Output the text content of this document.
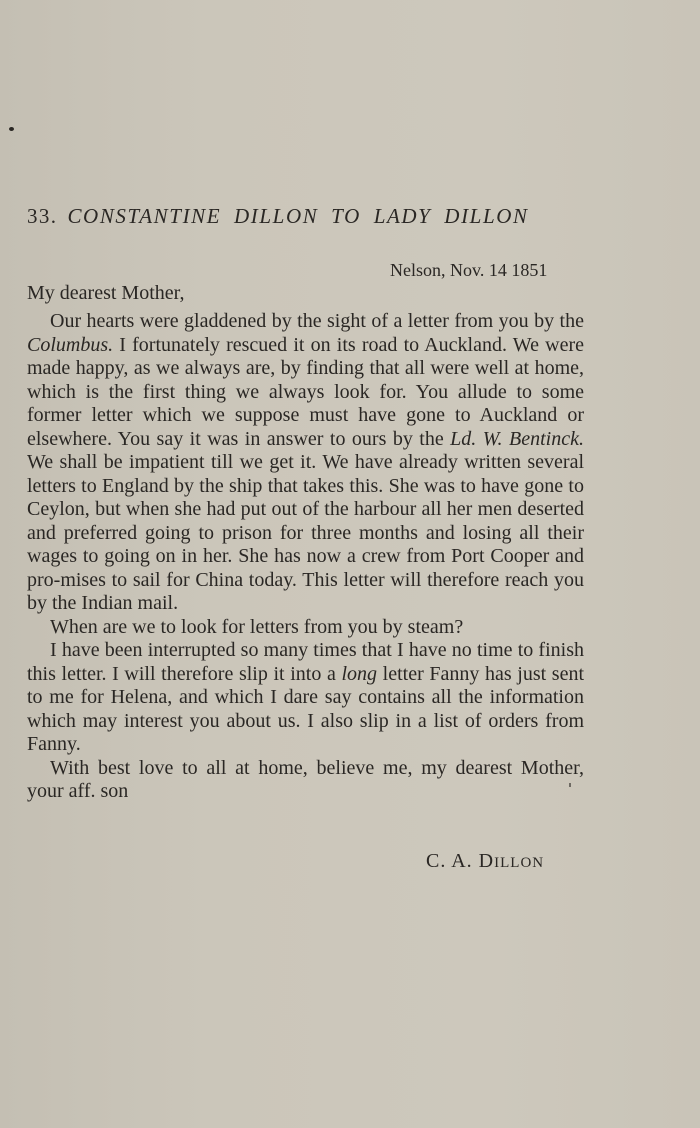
33. CONSTANTINE DILLON TO LADY DILLON
Nelson, Nov. 14 1851
My dearest Mother,

Our hearts were gladdened by the sight of a letter from you by the Columbus. I fortunately rescued it on its road to Auckland. We were made happy, as we always are, by finding that all were well at home, which is the first thing we always look for. You allude to some former letter which we suppose must have gone to Auckland or elsewhere. You say it was in answer to ours by the Ld. W. Bentinck. We shall be impatient till we get it. We have already written several letters to England by the ship that takes this. She was to have gone to Ceylon, but when she had put out of the harbour all her men deserted and preferred going to prison for three months and losing all their wages to going on in her. She has now a crew from Port Cooper and pro-mises to sail for China today. This letter will therefore reach you by the Indian mail.

When are we to look for letters from you by steam?

I have been interrupted so many times that I have no time to finish this letter. I will therefore slip it into a long letter Fanny has just sent to me for Helena, and which I dare say contains all the information which may interest you about us. I also slip in a list of orders from Fanny.

With best love to all at home, believe me, my dearest Mother, your aff. son

C. A. DILLON
